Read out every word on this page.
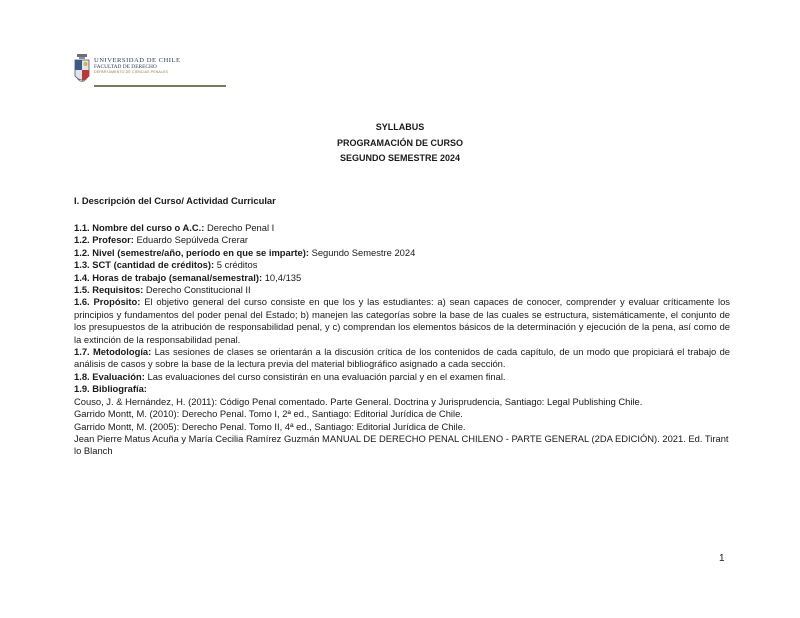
UNIVERSIDAD DE CHILE
FACULTAD DE DERECHO
DEPARTAMENTO DE CIENCIAS PENALES
SYLLABUS
PROGRAMACIÓN DE CURSO
SEGUNDO SEMESTRE 2024
I. Descripción del Curso/ Actividad Curricular

1.1. Nombre del curso o A.C.: Derecho Penal I

1.2. Profesor: Eduardo Sepúlveda Crerar

1.2. Nivel (semestre/año, período en que se imparte): Segundo Semestre 2024

1.3. SCT (cantidad de créditos): 5 créditos

1.4. Horas de trabajo (semanal/semestral): 10,4/135

1.5. Requisitos: Derecho Constitucional II

1.6. Propósito: El objetivo general del curso consiste en que los y las estudiantes: a) sean capaces de conocer, comprender y evaluar críticamente los principios y fundamentos del poder penal del Estado; b) manejen las categorías sobre la base de las cuales se estructura, sistemáticamente, el conjunto de los presupuestos de la atribución de responsabilidad penal, y c) comprendan los elementos básicos de la determinación y ejecución de la pena, así como de la extinción de la responsabilidad penal.

1.7. Metodología: Las sesiones de clases se orientarán a la discusión crítica de los contenidos de cada capítulo, de un modo que propiciará el trabajo de análisis de casos y sobre la base de la lectura previa del material bibliográfico asignado a cada sección.

1.8. Evaluación: Las evaluaciones del curso consistirán en una evaluación parcial y en el examen final.

1.9. Bibliografía:

Couso, J. & Hernández, H. (2011): Código Penal comentado. Parte General. Doctrina y Jurisprudencia, Santiago: Legal Publishing Chile.

Garrido Montt, M. (2010): Derecho Penal. Tomo I, 2ª ed., Santiago: Editorial Jurídica de Chile.

Garrido Montt, M. (2005): Derecho Penal. Tomo II, 4ª ed., Santiago: Editorial Jurídica de Chile.

Jean Pierre Matus Acuña y María Cecilia Ramírez Guzmán MANUAL DE DERECHO PENAL CHILENO - PARTE GENERAL (2DA EDICIÓN). 2021. Ed. Tirant lo Blanch

1
